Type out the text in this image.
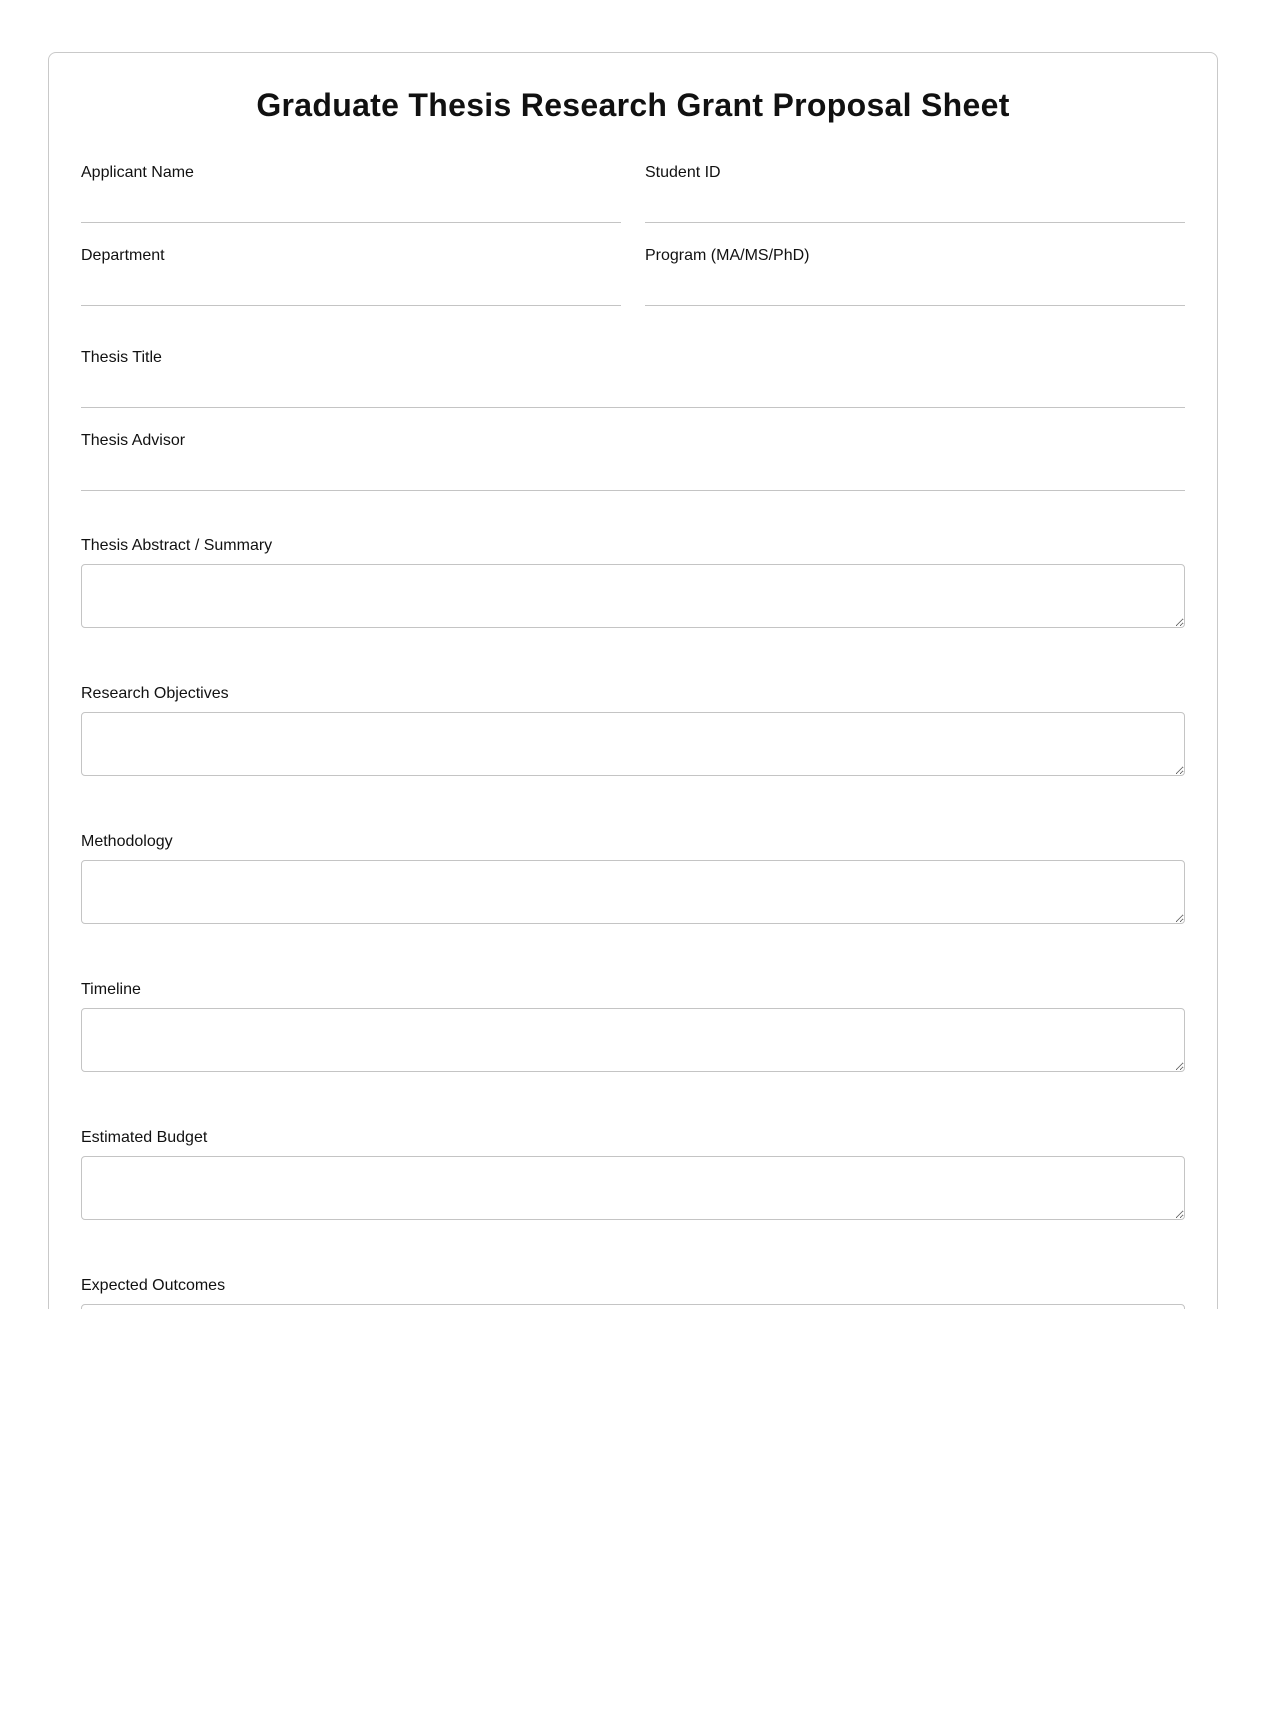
Graduate Thesis Research Grant Proposal Sheet
Applicant Name	Student ID
Department	Program (MA/MS/PhD)
Thesis Title
Thesis Advisor
Thesis Abstract / Summary
Research Objectives
Methodology
Timeline
Estimated Budget
Expected Outcomes
